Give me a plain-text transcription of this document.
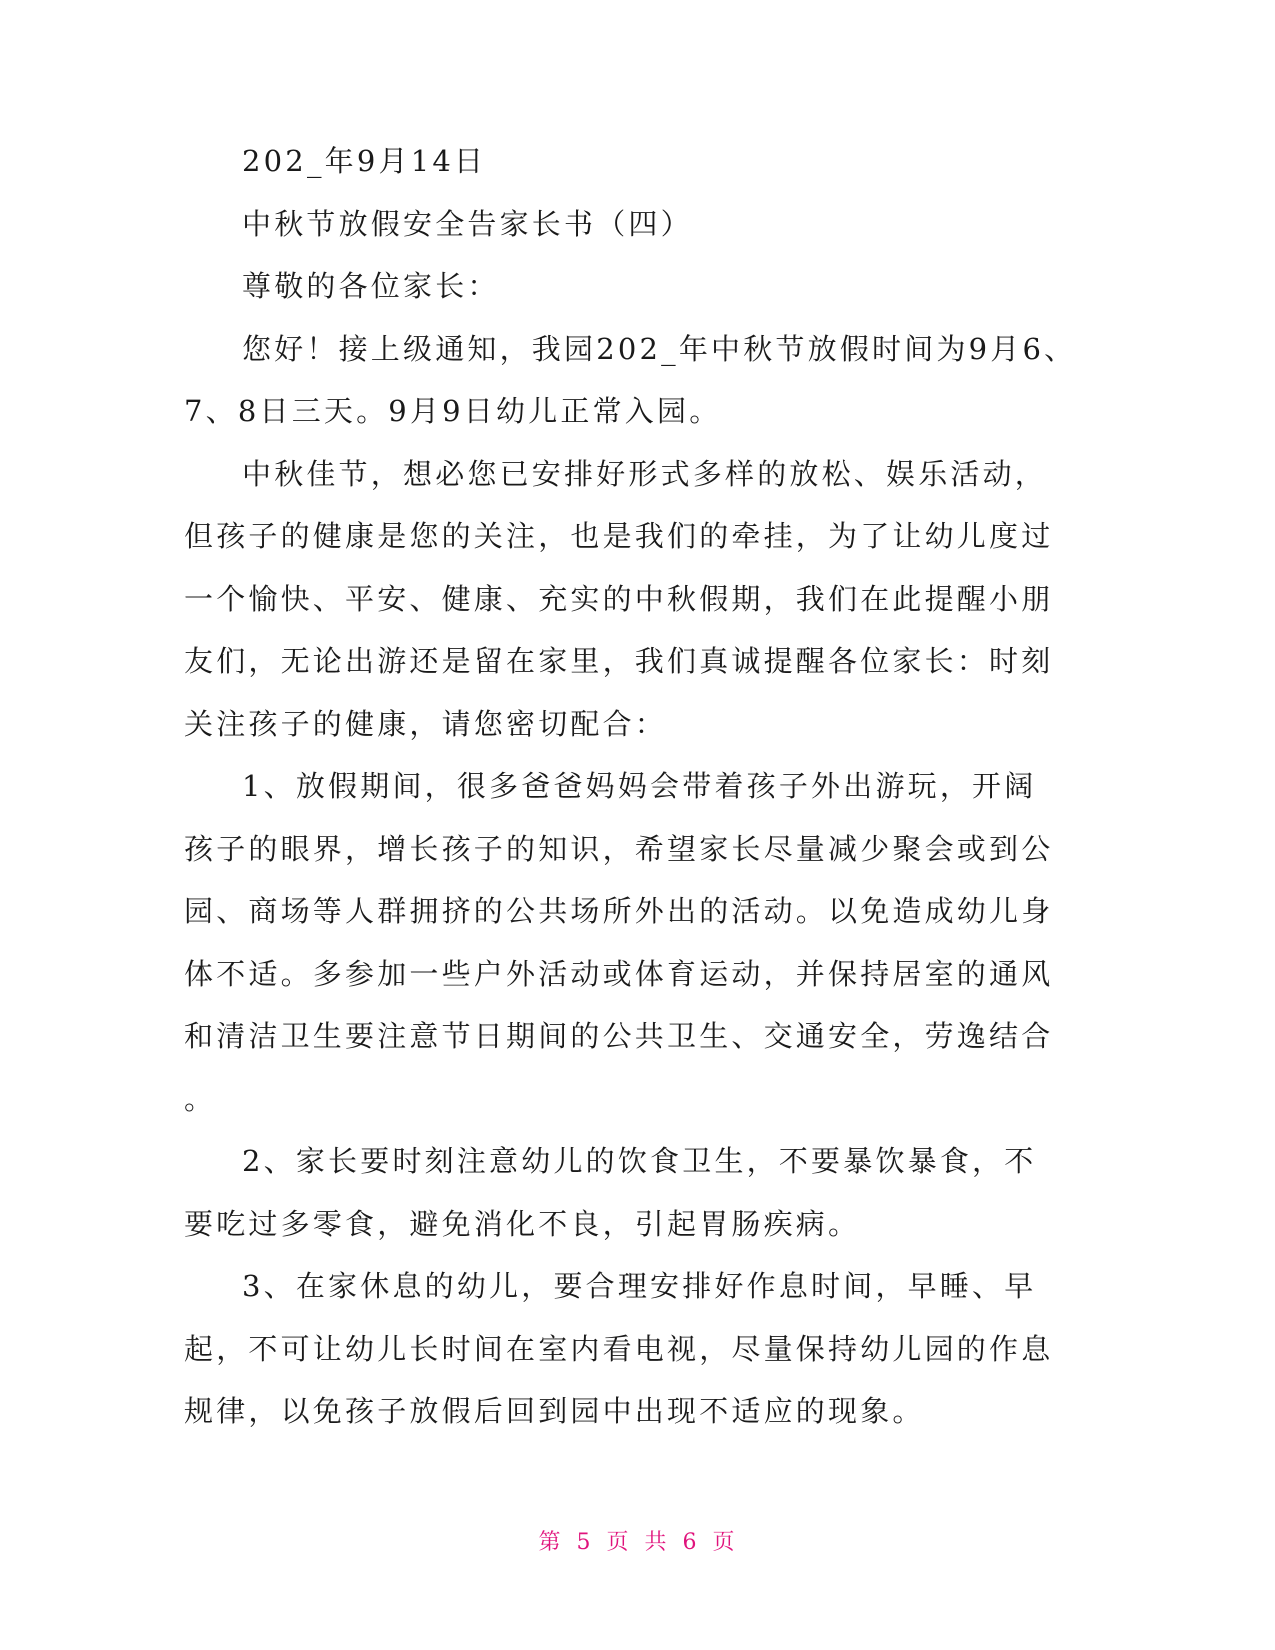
202_年9月14日

中秋节放假安全告家长书（四）

尊敬的各位家长：

您好！接上级通知，我园202_年中秋节放假时间为9月6、

7、8日三天。9月9日幼儿正常入园。

中秋佳节，想必您已安排好形式多样的放松、娱乐活动，

但孩子的健康是您的关注，也是我们的牵挂，为了让幼儿度过

一个愉快、平安、健康、充实的中秋假期，我们在此提醒小朋

友们，无论出游还是留在家里，我们真诚提醒各位家长：时刻

关注孩子的健康，请您密切配合：

1、放假期间，很多爸爸妈妈会带着孩子外出游玩，开阔

孩子的眼界，增长孩子的知识，希望家长尽量减少聚会或到公

园、商场等人群拥挤的公共场所外出的活动。以免造成幼儿身

体不适。多参加一些户外活动或体育运动，并保持居室的通风

和清洁卫生要注意节日期间的公共卫生、交通安全，劳逸结合

。

2、家长要时刻注意幼儿的饮食卫生，不要暴饮暴食，不

要吃过多零食，避免消化不良，引起胃肠疾病。

3、在家休息的幼儿，要合理安排好作息时间，早睡、早

起，不可让幼儿长时间在室内看电视，尽量保持幼儿园的作息

规律，以免孩子放假后回到园中出现不适应的现象。

第 5 页 共 6 页
